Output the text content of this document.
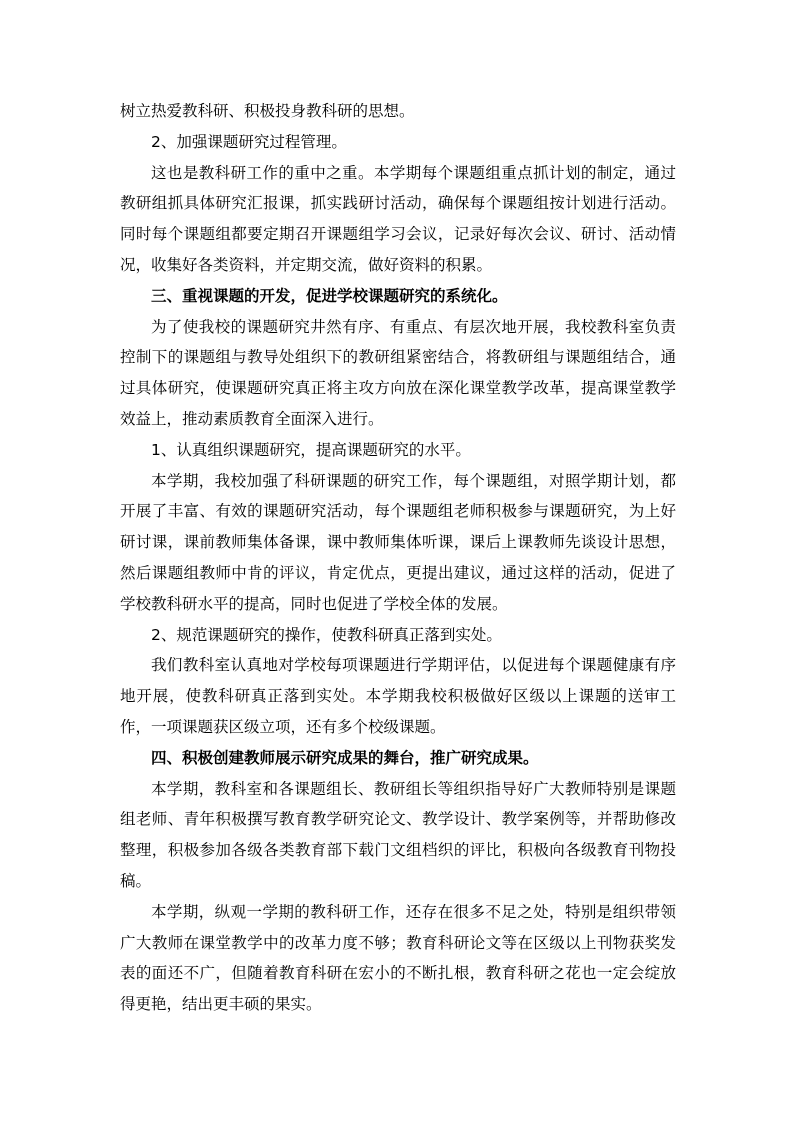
树立热爱教科研、积极投身教科研的思想。

2、加强课题研究过程管理。

这也是教科研工作的重中之重。本学期每个课题组重点抓计划的制定，通过教研组抓具体研究汇报课，抓实践研讨活动，确保每个课题组按计划进行活动。同时每个课题组都要定期召开课题组学习会议，记录好每次会议、研讨、活动情况，收集好各类资料，并定期交流，做好资料的积累。

三、重视课题的开发，促进学校课题研究的系统化。

为了使我校的课题研究井然有序、有重点、有层次地开展，我校教科室负责控制下的课题组与教导处组织下的教研组紧密结合，将教研组与课题组结合，通过具体研究，使课题研究真正将主攻方向放在深化课堂教学改革，提高课堂教学效益上，推动素质教育全面深入进行。

1、认真组织课题研究，提高课题研究的水平。

本学期，我校加强了科研课题的研究工作，每个课题组，对照学期计划，都开展了丰富、有效的课题研究活动，每个课题组老师积极参与课题研究，为上好研讨课，课前教师集体备课，课中教师集体听课，课后上课教师先谈设计思想，然后课题组教师中肯的评议，肯定优点，更提出建议，通过这样的活动，促进了学校教科研水平的提高，同时也促进了学校全体的发展。

2、规范课题研究的操作，使教科研真正落到实处。

我们教科室认真地对学校每项课题进行学期评估，以促进每个课题健康有序地开展，使教科研真正落到实处。本学期我校积极做好区级以上课题的送审工作，一项课题获区级立项，还有多个校级课题。

四、积极创建教师展示研究成果的舞台，推广研究成果。

本学期，教科室和各课题组长、教研组长等组织指导好广大教师特别是课题组老师、青年积极撰写教育教学研究论文、教学设计、教学案例等，并帮助修改整理，积极参加各级各类教育部下载门文组档织的评比，积极向各级教育刊物投稿。

本学期，纵观一学期的教科研工作，还存在很多不足之处，特别是组织带领广大教师在课堂教学中的改革力度不够；教育科研论文等在区级以上刊物获奖发表的面还不广，但随着教育科研在宏小的不断扎根，教育科研之花也一定会绽放得更艳，结出更丰硕的果实。
